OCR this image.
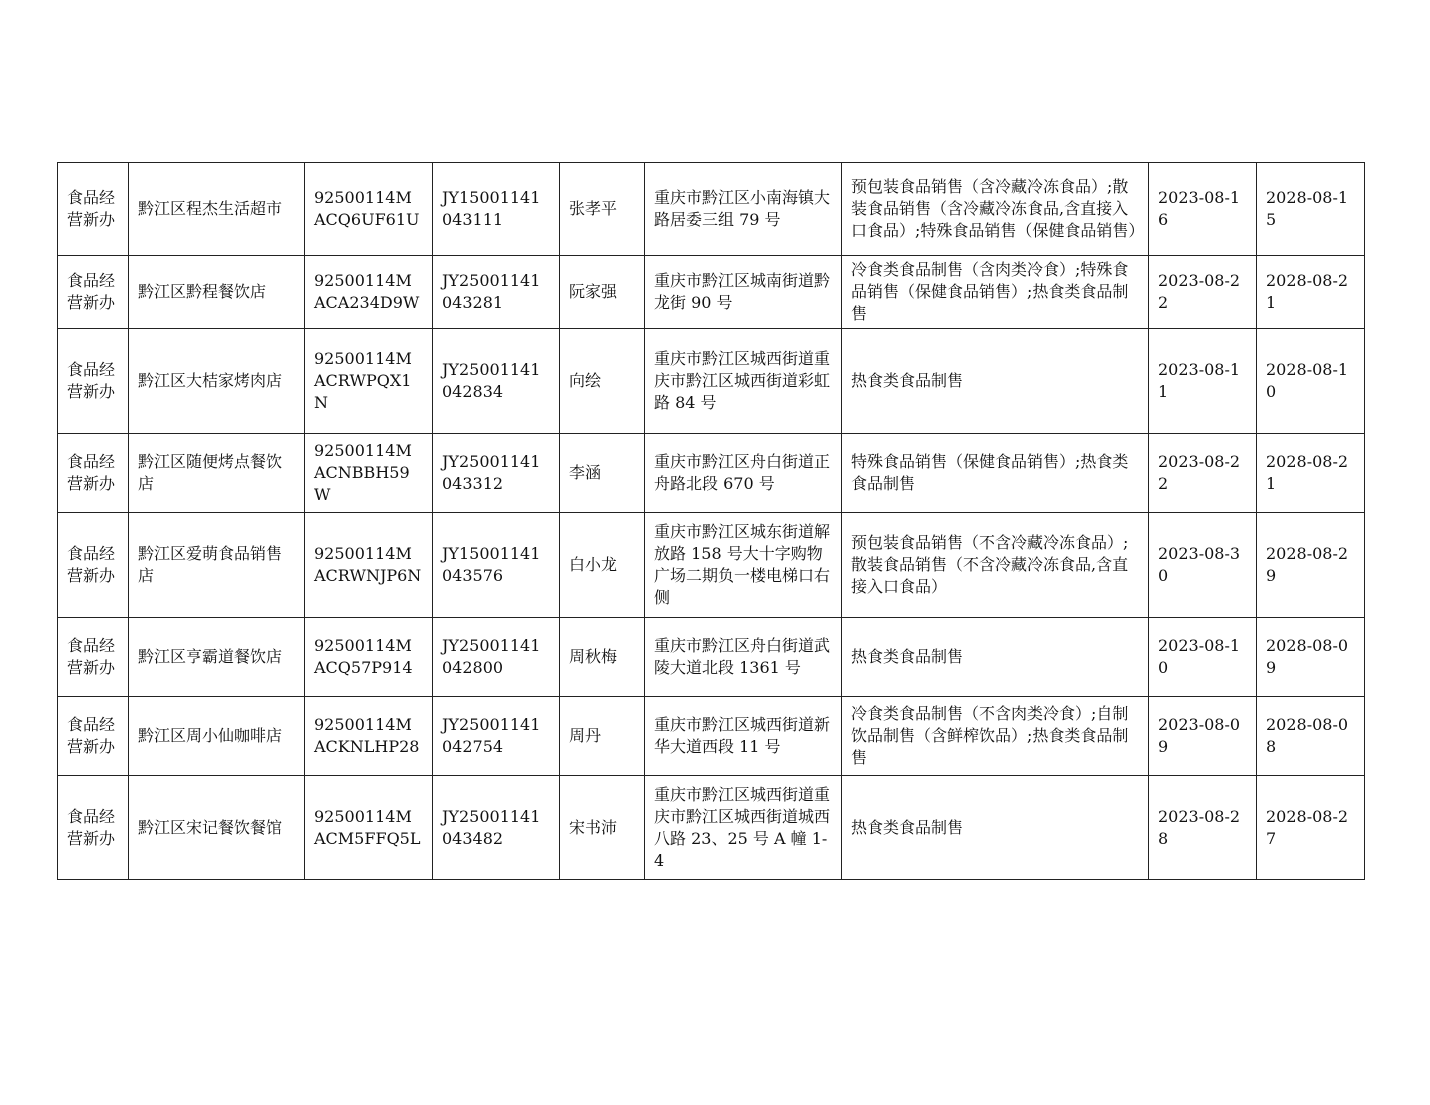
食品经营新办	黔江区程杰生活超市	92500114MACQ6UF61U	JY15001141043111	张孝平	重庆市黔江区小南海镇大路居委三组 79 号	预包装食品销售（含冷藏冷冻食品）;散装食品销售（含冷藏冷冻食品,含直接入口食品）;特殊食品销售（保健食品销售）	2023-08-16	2028-08-15
食品经营新办	黔江区黔程餐饮店	92500114MACA234D9W	JY25001141043281	阮家强	重庆市黔江区城南街道黔龙街 90 号	冷食类食品制售（含肉类冷食）;特殊食品销售（保健食品销售）;热食类食品制售	2023-08-22	2028-08-21
食品经营新办	黔江区大桔家烤肉店	92500114MACRWPQX1N	JY25001141042834	向绘	重庆市黔江区城西街道重庆市黔江区城西街道彩虹路 84 号	热食类食品制售	2023-08-11	2028-08-10
食品经营新办	黔江区随便烤点餐饮店	92500114MACNBBH59W	JY25001141043312	李涵	重庆市黔江区舟白街道正舟路北段 670 号	特殊食品销售（保健食品销售）;热食类食品制售	2023-08-22	2028-08-21
食品经营新办	黔江区爱萌食品销售店	92500114MACRWNJP6N	JY15001141043576	白小龙	重庆市黔江区城东街道解放路 158 号大十字购物广场二期负一楼电梯口右侧	预包装食品销售（不含冷藏冷冻食品）;散装食品销售（不含冷藏冷冻食品,含直接入口食品）	2023-08-30	2028-08-29
食品经营新办	黔江区亨霸道餐饮店	92500114MACQ57P914	JY25001141042800	周秋梅	重庆市黔江区舟白街道武陵大道北段 1361 号	热食类食品制售	2023-08-10	2028-08-09
食品经营新办	黔江区周小仙咖啡店	92500114MACKNLHP28	JY25001141042754	周丹	重庆市黔江区城西街道新华大道西段 11 号	冷食类食品制售（不含肉类冷食）;自制饮品制售（含鲜榨饮品）;热食类食品制售	2023-08-09	2028-08-08
食品经营新办	黔江区宋记餐饮餐馆	92500114MACM5FFQ5L	JY25001141043482	宋书沛	重庆市黔江区城西街道重庆市黔江区城西街道城西八路 23、25 号 A 幢 1-4	热食类食品制售	2023-08-28	2028-08-27
